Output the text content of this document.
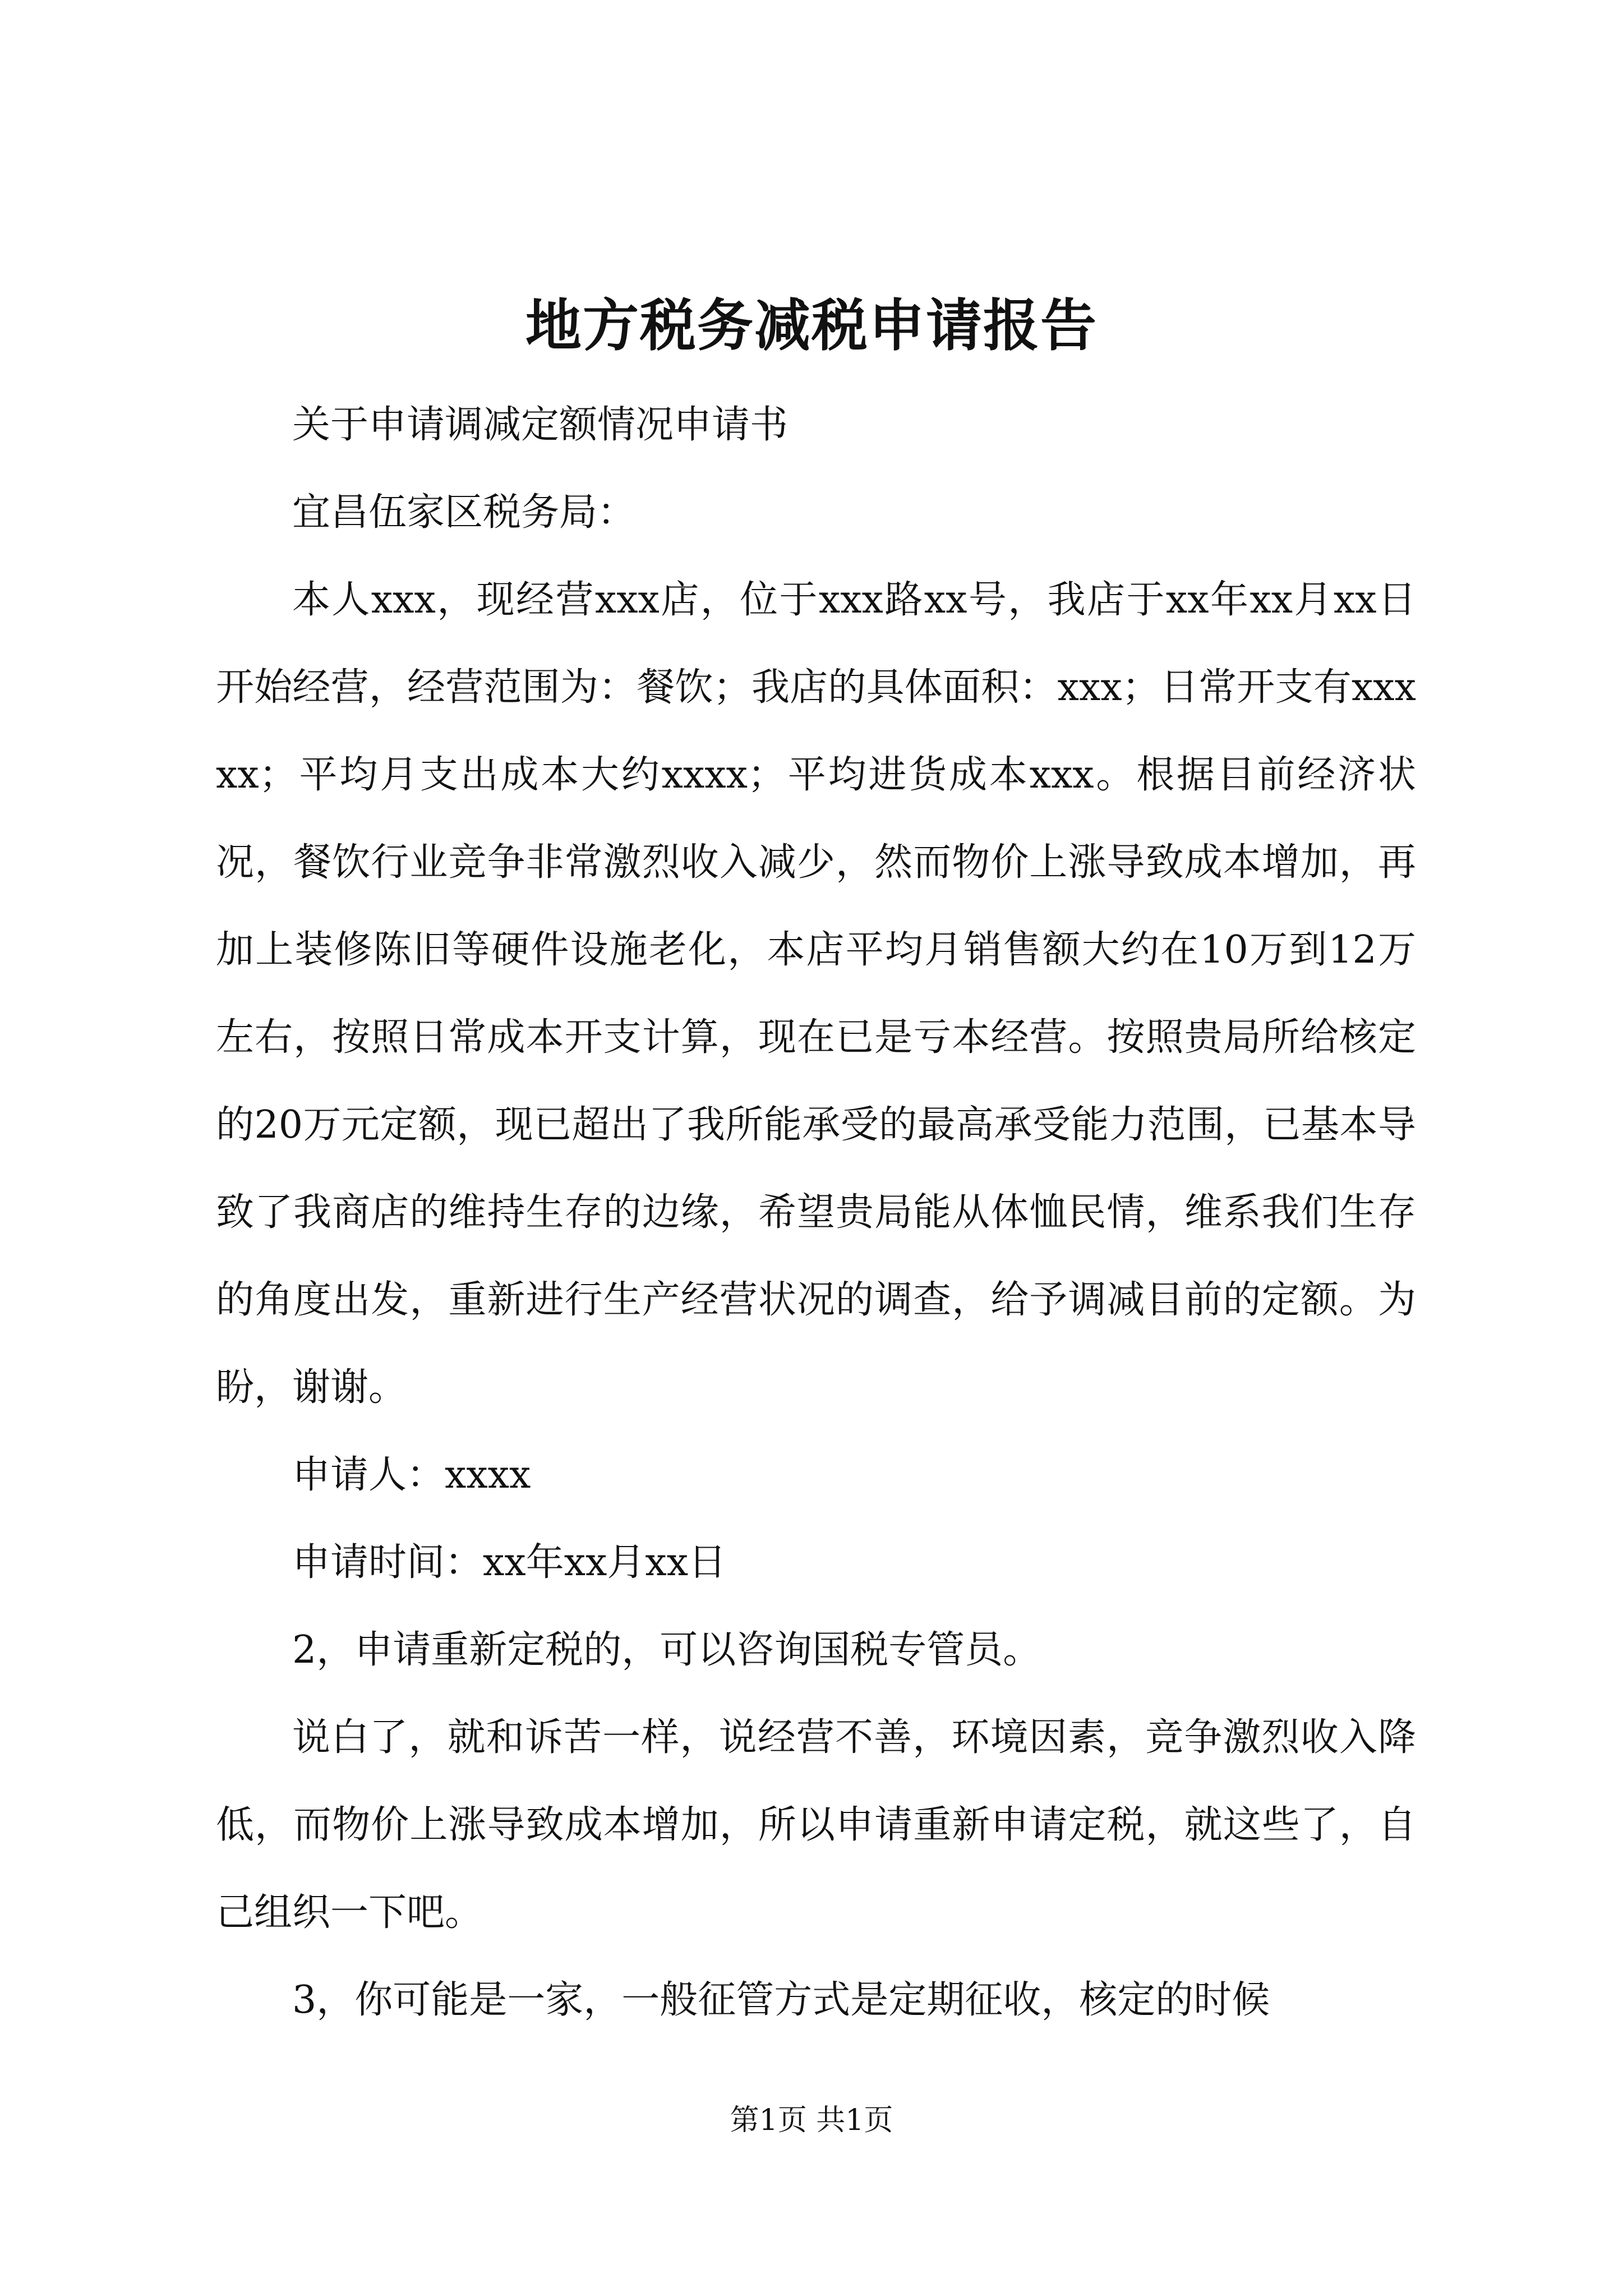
地方税务减税申请报告

关于申请调减定额情况申请书

宜昌伍家区税务局：

本人xxx，现经营xxx店，位于xxx路xx号，我店于xx年xx月xx日开始经营，经营范围为：餐饮；我店的具体面积：xxx；日常开支有xxxxx；平均月支出成本大约xxxx；平均进货成本xxx。根据目前经济状况，餐饮行业竞争非常激烈收入减少，然而物价上涨导致成本增加，再加上装修陈旧等硬件设施老化，本店平均月销售额大约在10万到12万左右，按照日常成本开支计算，现在已是亏本经营。按照贵局所给核定的20万元定额，现已超出了我所能承受的最高承受能力范围，已基本导致了我商店的维持生存的边缘，希望贵局能从体恤民情，维系我们生存的角度出发，重新进行生产经营状况的调查，给予调减目前的定额。为盼，谢谢。

申请人：xxxx

申请时间：xx年xx月xx日

2，申请重新定税的，可以咨询国税专管员。

说白了，就和诉苦一样，说经营不善，环境因素，竞争激烈收入降低，而物价上涨导致成本增加，所以申请重新申请定税，就这些了，自己组织一下吧。

3，你可能是一家，一般征管方式是定期征收，核定的时候

第1页 共1页
